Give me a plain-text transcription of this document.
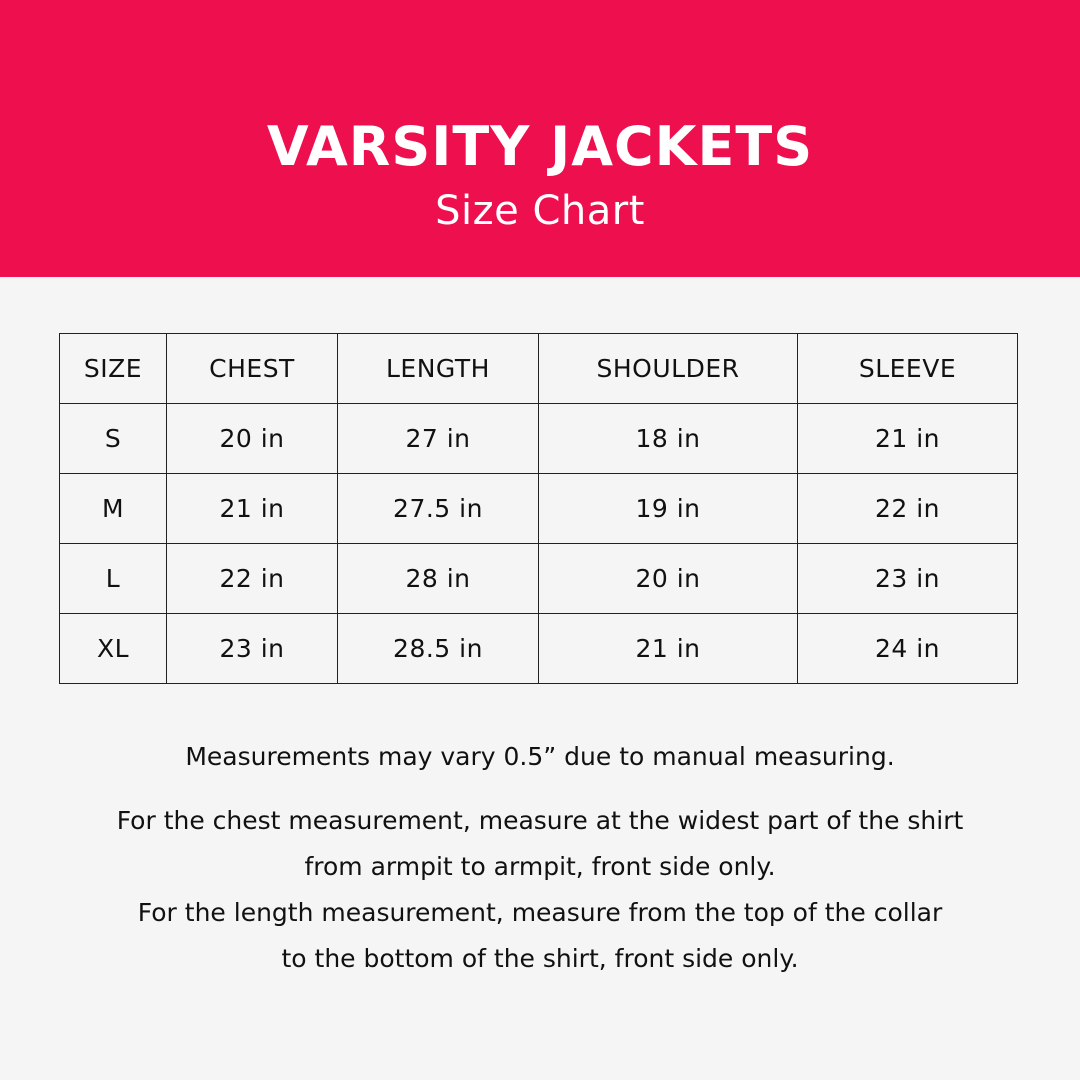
VARSITY JACKETS
Size Chart
SIZE	CHEST	LENGTH	SHOULDER	SLEEVE
S	20 in	27 in	18 in	21 in
M	21 in	27.5 in	19 in	22 in
L	22 in	28 in	20 in	23 in
XL	23 in	28.5 in	21 in	24 in

Measurements may vary 0.5” due to manual measuring.

For the chest measurement, measure at the widest part of the shirt

from armpit to armpit, front side only.

For the length measurement, measure from the top of the collar

to the bottom of the shirt, front side only.
